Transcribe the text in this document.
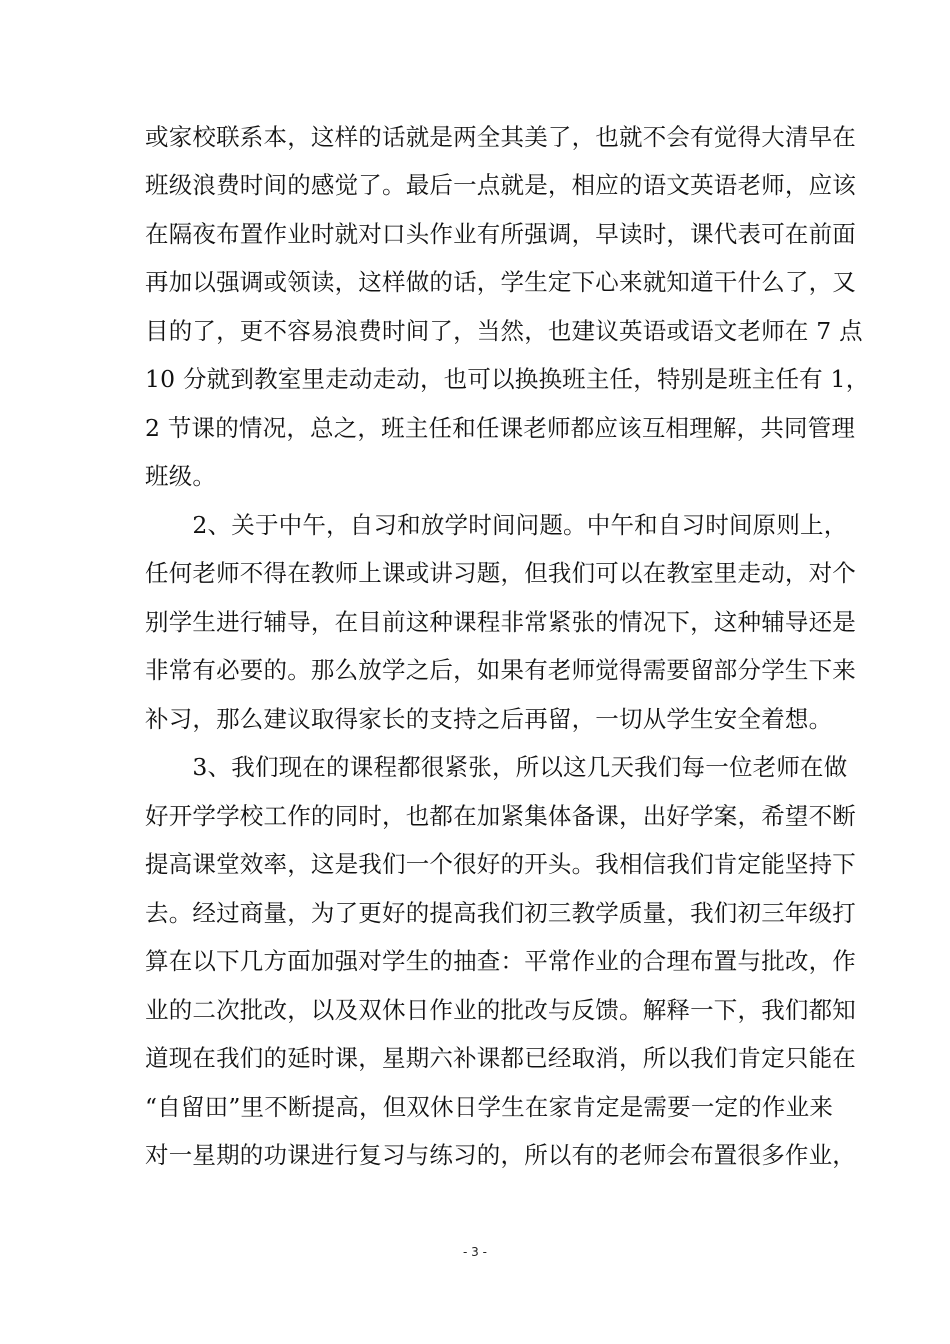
或家校联系本，这样的话就是两全其美了，也就不会有觉得大清早在
班级浪费时间的感觉了。最后一点就是，相应的语文英语老师，应该
在隔夜布置作业时就对口头作业有所强调，早读时，课代表可在前面
再加以强调或领读，这样做的话，学生定下心来就知道干什么了，又
目的了，更不容易浪费时间了，当然，也建议英语或语文老师在 7 点
10 分就到教室里走动走动，也可以换换班主任，特别是班主任有 1，
2 节课的情况，总之，班主任和任课老师都应该互相理解，共同管理
班级。
　　2、关于中午，自习和放学时间问题。中午和自习时间原则上，
任何老师不得在教师上课或讲习题，但我们可以在教室里走动，对个
别学生进行辅导，在目前这种课程非常紧张的情况下，这种辅导还是
非常有必要的。那么放学之后，如果有老师觉得需要留部分学生下来
补习，那么建议取得家长的支持之后再留，一切从学生安全着想。
　　3、我们现在的课程都很紧张，所以这几天我们每一位老师在做
好开学学校工作的同时，也都在加紧集体备课，出好学案，希望不断
提高课堂效率，这是我们一个很好的开头。我相信我们肯定能坚持下
去。经过商量，为了更好的提高我们初三教学质量，我们初三年级打
算在以下几方面加强对学生的抽查：平常作业的合理布置与批改，作
业的二次批改，以及双休日作业的批改与反馈。解释一下，我们都知
道现在我们的延时课，星期六补课都已经取消，所以我们肯定只能在
“自留田”里不断提高，但双休日学生在家肯定是需要一定的作业来
对一星期的功课进行复习与练习的，所以有的老师会布置很多作业，
- 3 -
